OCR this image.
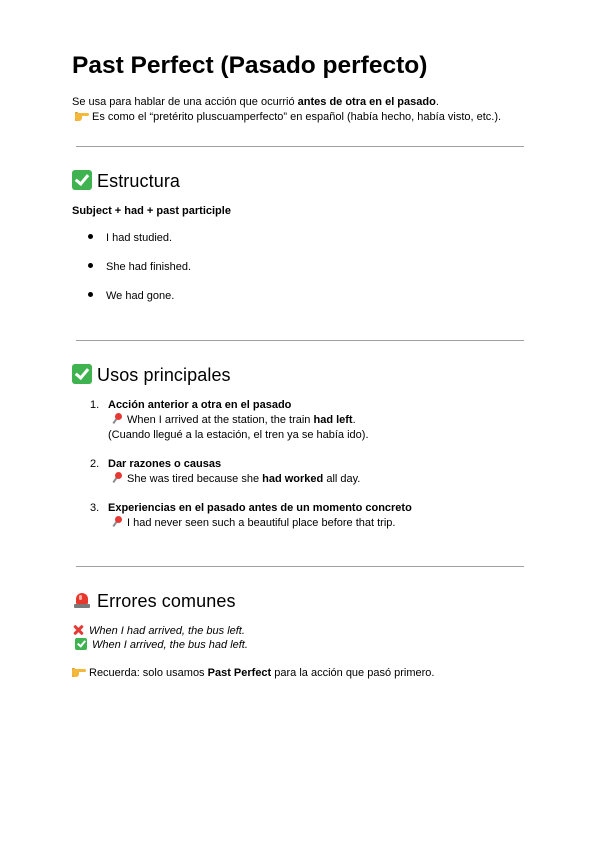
Past Perfect (Pasado perfecto)
Se usa para hablar de una acción que ocurrió antes de otra en el pasado.
Es como el “pretérito pluscuamperfecto” en español (había hecho, había visto, etc.).
Estructura
Subject + had + past participle
I had studied.
She had finished.
We had gone.
Usos principales
1. Acción anterior a otra en el pasado
When I arrived at the station, the train had left.
(Cuando llegué a la estación, el tren ya se había ido).
2. Dar razones o causas
She was tired because she had worked all day.
3. Experiencias en el pasado antes de un momento concreto
I had never seen such a beautiful place before that trip.
Errores comunes
When I had arrived, the bus left.
When I arrived, the bus had left.
Recuerda: solo usamos Past Perfect para la acción que pasó primero.
